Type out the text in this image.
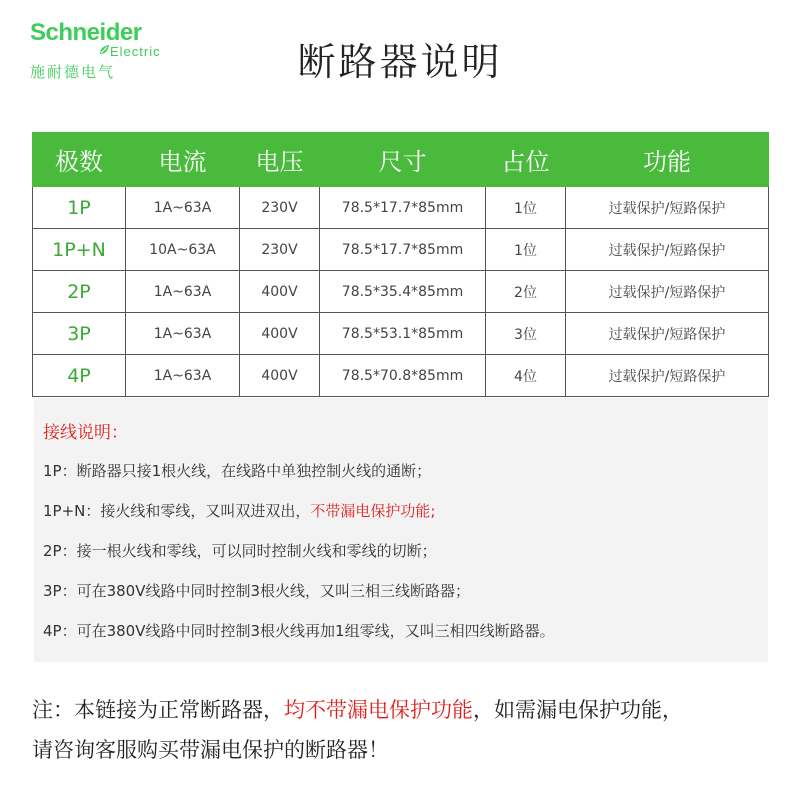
Schneider
Electric
施耐德电气	断路器说明
极数	电流	电压	尺寸	占位	功能
1P	1A~63A	230V	78.5*17.7*85mm	1位	过载保护/短路保护
1P+N	10A~63A	230V	78.5*17.7*85mm	1位	过载保护/短路保护
2P	1A~63A	400V	78.5*35.4*85mm	2位	过载保护/短路保护
3P	1A~63A	400V	78.5*53.1*85mm	3位	过载保护/短路保护
4P	1A~63A	400V	78.5*70.8*85mm	4位	过载保护/短路保护
接线说明：
1P：断路器只接1根火线，在线路中单独控制火线的通断；
1P+N：接火线和零线，又叫双进双出，不带漏电保护功能;
2P：接一根火线和零线，可以同时控制火线和零线的切断；
3P：可在380V线路中同时控制3根火线，又叫三相三线断路器；
4P：可在380V线路中同时控制3根火线再加1组零线，又叫三相四线断路器。
注：本链接为正常断路器，均不带漏电保护功能，如需漏电保护功能，
请咨询客服购买带漏电保护的断路器！
